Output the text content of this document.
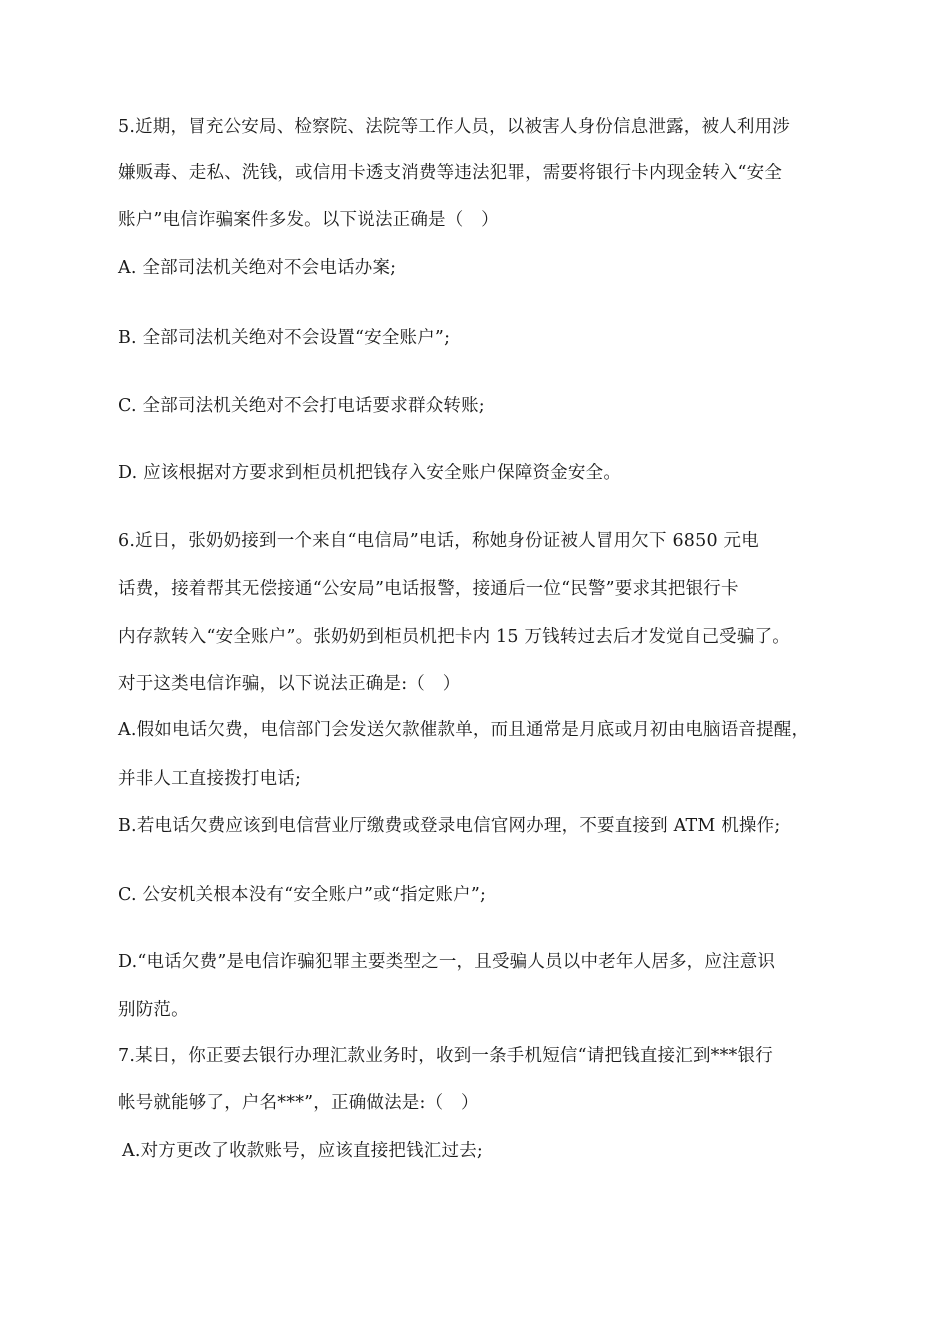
5.近期，冒充公安局、检察院、法院等工作人员，以被害人身份信息泄露，被人利用涉
嫌贩毒、走私、洗钱，或信用卡透支消费等违法犯罪，需要将银行卡内现金转入“安全
账户”电信诈骗案件多发。以下说法正确是（　）
A. 全部司法机关绝对不会电话办案;
B. 全部司法机关绝对不会设置“安全账户”;
C. 全部司法机关绝对不会打电话要求群众转账;
D. 应该根据对方要求到柜员机把钱存入安全账户保障资金安全。
6.近日，张奶奶接到一个来自“电信局”电话，称她身份证被人冒用欠下 6850 元电
话费，接着帮其无偿接通“公安局”电话报警，接通后一位“民警”要求其把银行卡
内存款转入“安全账户”。张奶奶到柜员机把卡内 15 万钱转过去后才发觉自己受骗了。
对于这类电信诈骗，以下说法正确是:（　）
A.假如电话欠费，电信部门会发送欠款催款单，而且通常是月底或月初由电脑语音提醒，
并非人工直接拨打电话;
B.若电话欠费应该到电信营业厅缴费或登录电信官网办理，不要直接到 ATM 机操作;
C. 公安机关根本没有“安全账户”或“指定账户”;
D.“电话欠费”是电信诈骗犯罪主要类型之一，且受骗人员以中老年人居多，应注意识
别防范。
7.某日，你正要去银行办理汇款业务时，收到一条手机短信“请把钱直接汇到***银行
帐号就能够了，户名***”，正确做法是:（　）
A.对方更改了收款账号，应该直接把钱汇过去;
